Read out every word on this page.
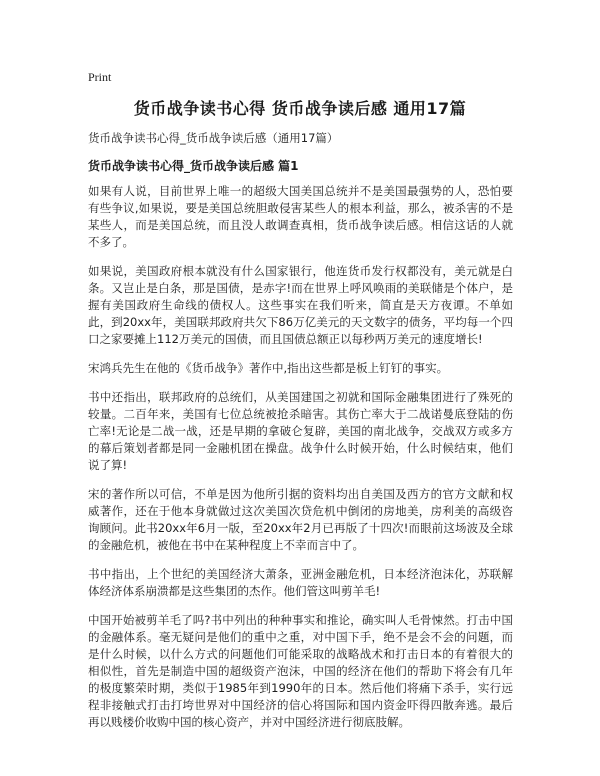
Print
货币战争读书心得 货币战争读后感 通用17篇
货币战争读书心得_货币战争读后感（通用17篇）
货币战争读书心得_货币战争读后感 篇1

如果有人说，目前世界上唯一的超级大国美国总统并不是美国最强势的人，恐怕要有些争议,如果说，要是美国总统胆敢侵害某些人的根本利益，那么，被杀害的不是某些人，而是美国总统，而且没人敢调查真相，货币战争读后感。相信这话的人就不多了。

如果说，美国政府根本就没有什么国家银行，他连货币发行权都没有，美元就是白条。又岂止是白条，那是国债，是赤字!而在世界上呼风唤雨的美联储是个体户，是握有美国政府生命线的债权人。这些事实在我们听来，简直是天方夜谭。不单如此，到20xx年，美国联邦政府共欠下86万亿美元的天文数字的债务，平均每一个四口之家要摊上112万美元的国债，而且国债总额正以每秒两万美元的速度增长!

宋鸿兵先生在他的《货币战争》著作中,指出这些都是板上钉钉的事实。

书中还指出，联邦政府的总统们，从美国建国之初就和国际金融集团进行了殊死的较量。二百年来，美国有七位总统被抢杀暗害。其伤亡率大于二战诺曼底登陆的伤亡率!无论是二战一战，还是早期的拿破仑复辟，美国的南北战争，交战双方或多方的幕后策划者都是同一金融机团在操盘。战争什么时候开始，什么时候结束，他们说了算!

宋的著作所以可信，不单是因为他所引据的资料均出自美国及西方的官方文献和权威著作，还在于他本身就做过这次美国次贷危机中倒闭的房地美，房利美的高级咨询顾问。此书20xx年6月一版，至20xx年2月已再版了十四次!而眼前这场波及全球的金融危机，被他在书中在某种程度上不幸而言中了。

书中指出，上个世纪的美国经济大萧条，亚洲金融危机，日本经济泡沫化，苏联解体经济体系崩溃都是这些集团的杰作。他们管这叫剪羊毛!

中国开始被剪羊毛了吗?书中列出的种种事实和推论，确实叫人毛骨悚然。打击中国的金融体系。毫无疑问是他们的重中之重，对中国下手，绝不是会不会的问题，而是什么时候，以什么方式的问题他们可能采取的战略战术和打击日本的有着很大的相似性，首先是制造中国的超级资产泡沫，中国的经济在他们的帮助下将会有几年的极度繁荣时期，类似于1985年到1990年的日本。然后他们将痛下杀手，实行远程非接触式打击打垮世界对中国经济的信心将国际和国内资金吓得四散奔逃。最后再以贱楼价收购中国的核心资产，并对中国经济进行彻底肢解。
